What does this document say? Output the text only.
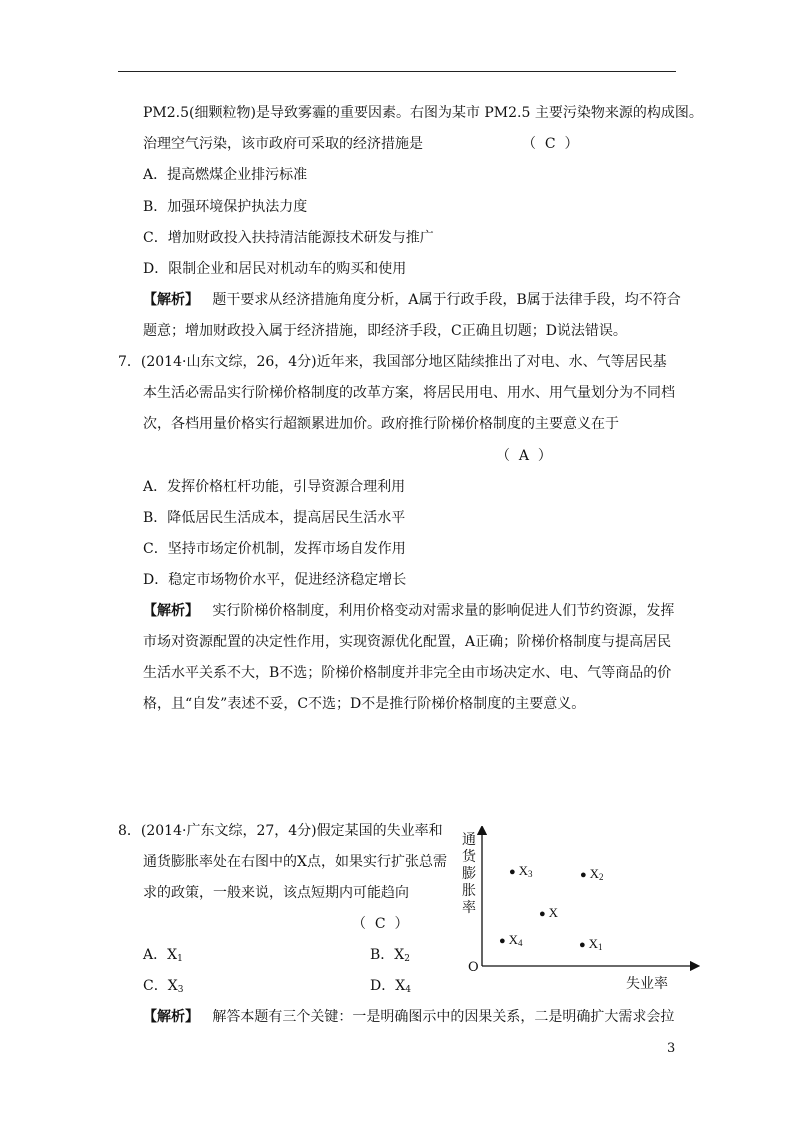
PM2.5(细颗粒物)是导致雾霾的重要因素。右图为某市 PM2.5 主要污染物来源的构成图。
治理空气污染，该市政府可采取的经济措施是	（  C  ）
A．提高燃煤企业排污标准
B．加强环境保护执法力度
C．增加财政投入扶持清洁能源技术研发与推广
D．限制企业和居民对机动车的购买和使用
【解析】 题干要求从经济措施角度分析，A属于行政手段，B属于法律手段，均不符合
题意；增加财政投入属于经济措施，即经济手段，C正确且切题；D说法错误。
7．(2014·山东文综，26，4分)近年来，我国部分地区陆续推出了对电、水、气等居民基
本生活必需品实行阶梯价格制度的改革方案，将居民用电、用水、用气量划分为不同档
次，各档用量价格实行超额累进加价。政府推行阶梯价格制度的主要意义在于
（  A  ）
A．发挥价格杠杆功能，引导资源合理利用
B．降低居民生活成本，提高居民生活水平
C．坚持市场定价机制，发挥市场自发作用
D．稳定市场物价水平，促进经济稳定增长
【解析】 实行阶梯价格制度，利用价格变动对需求量的影响促进人们节约资源，发挥
市场对资源配置的决定性作用，实现资源优化配置，A正确；阶梯价格制度与提高居民
生活水平关系不大，B不选；阶梯价格制度并非完全由市场决定水、电、气等商品的价
格，且“自发”表述不妥，C不选；D不是推行阶梯价格制度的主要意义。
8．(2014·广东文综，27，4分)假定某国的失业率和
通货膨胀率处在右图中的X点，如果实行扩张总需
求的政策，一般来说，该点短期内可能趋向
（  C  ）
A．$X_1$	B．$X_2$
C．$X_3$	D．$X_4$
【解析】 解答本题有三个关键：一是明确图示中的因果关系，二是明确扩大需求会拉
通货膨胀率
失业率
O
● $X_3$	● $X_2$
● X
● $X_4$	● $X_1$
3
